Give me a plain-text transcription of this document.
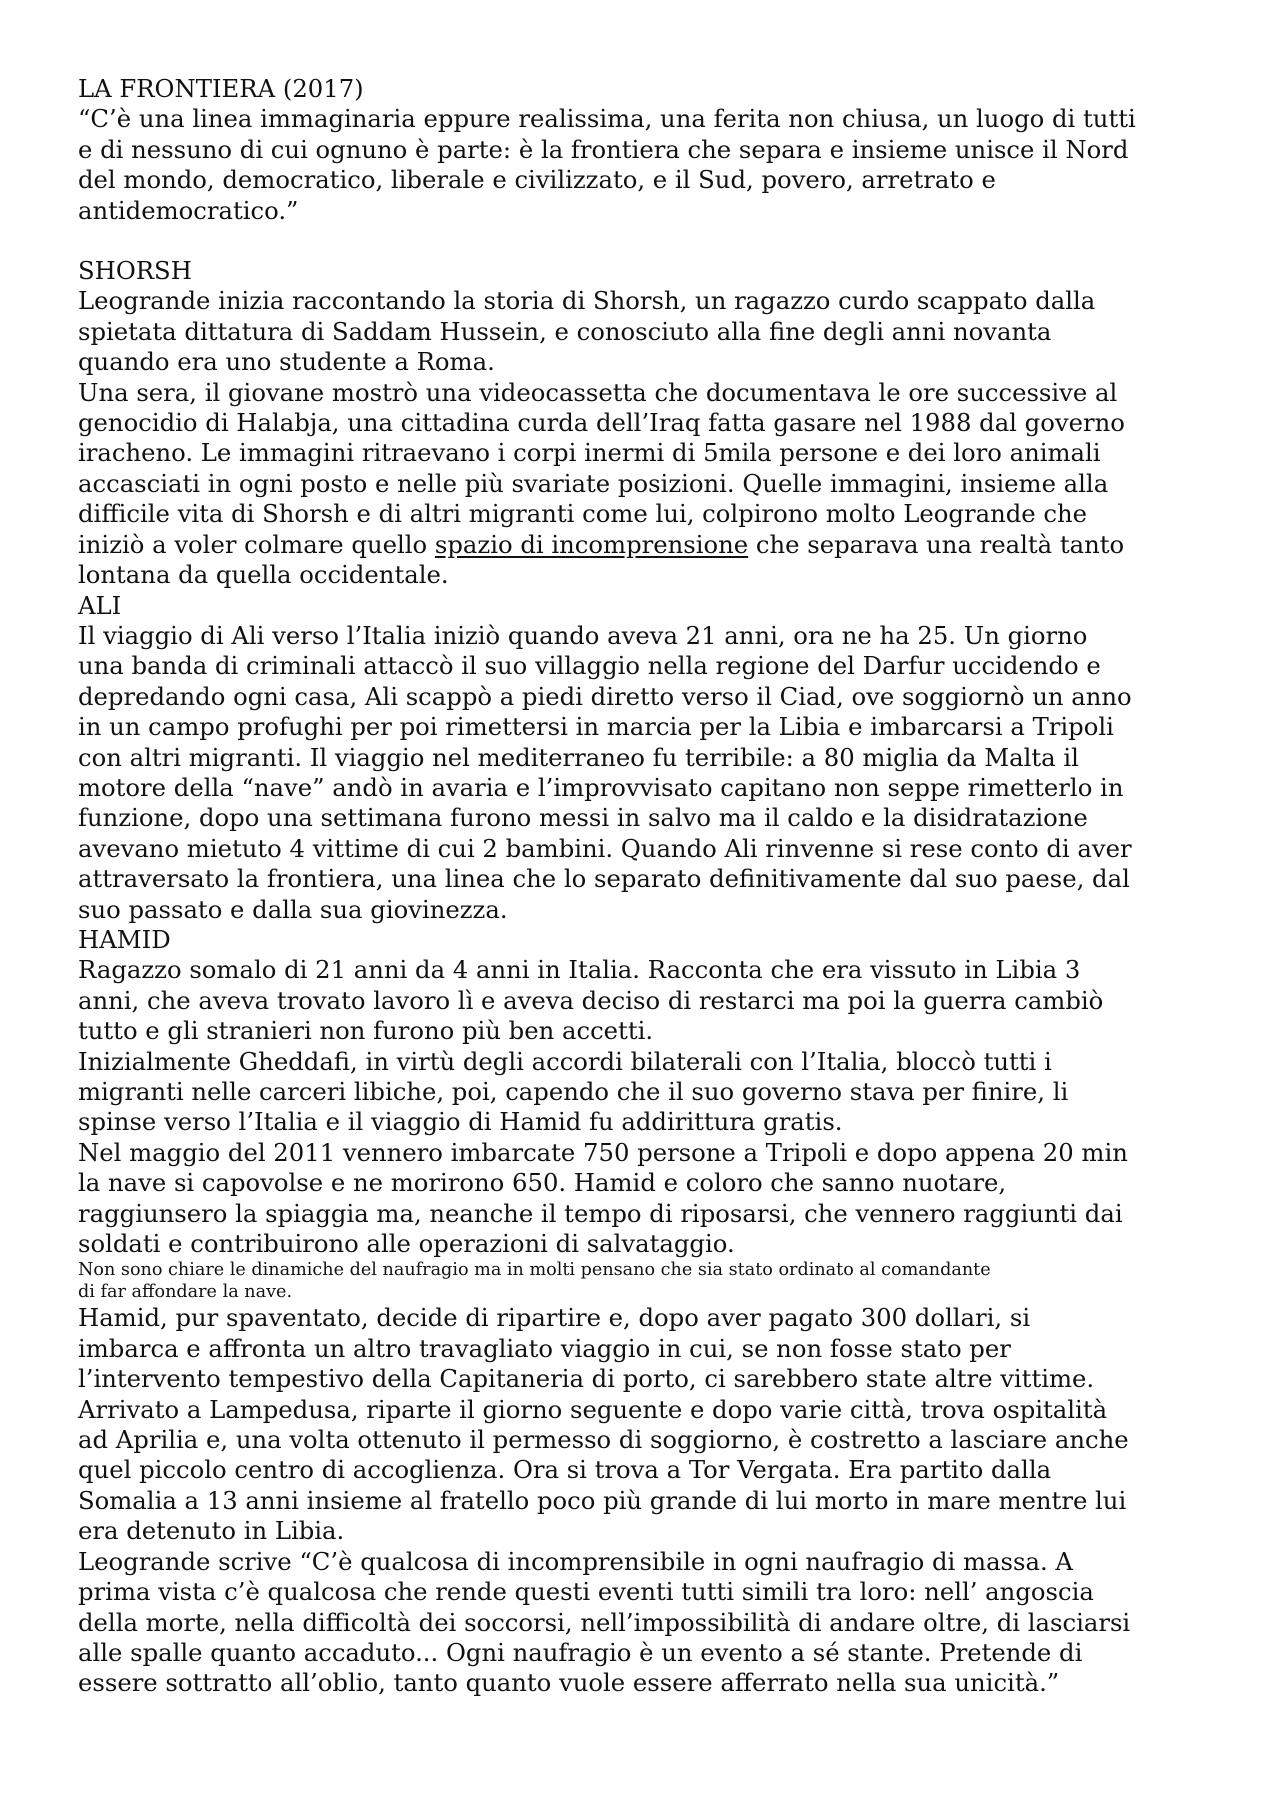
LA FRONTIERA (2017)

“C’è una linea immaginaria eppure realissima, una ferita non chiusa, un luogo di tutti

e di nessuno di cui ognuno è parte: è la frontiera che separa e insieme unisce il Nord

del mondo, democratico, liberale e civilizzato, e il Sud, povero, arretrato e

antidemocratico.”

SHORSH

Leogrande inizia raccontando la storia di Shorsh, un ragazzo curdo scappato dalla

spietata dittatura di Saddam Hussein, e conosciuto alla fine degli anni novanta

quando era uno studente a Roma.

Una sera, il giovane mostrò una videocassetta che documentava le ore successive al

genocidio di Halabja, una cittadina curda dell’Iraq fatta gasare nel 1988 dal governo

iracheno. Le immagini ritraevano i corpi inermi di 5mila persone e dei loro animali

accasciati in ogni posto e nelle più svariate posizioni. Quelle immagini, insieme alla

difficile vita di Shorsh e di altri migranti come lui, colpirono molto Leogrande che

iniziò a voler colmare quello spazio di incomprensione che separava una realtà tanto

lontana da quella occidentale.

ALI

Il viaggio di Ali verso l’Italia iniziò quando aveva 21 anni, ora ne ha 25. Un giorno

una banda di criminali attaccò il suo villaggio nella regione del Darfur uccidendo e

depredando ogni casa, Ali scappò a piedi diretto verso il Ciad, ove soggiornò un anno

in un campo profughi per poi rimettersi in marcia per la Libia e imbarcarsi a Tripoli

con altri migranti. Il viaggio nel mediterraneo fu terribile: a 80 miglia da Malta il

motore della “nave” andò in avaria e l’improvvisato capitano non seppe rimetterlo in

funzione, dopo una settimana furono messi in salvo ma il caldo e la disidratazione

avevano mietuto 4 vittime di cui 2 bambini. Quando Ali rinvenne si rese conto di aver

attraversato la frontiera, una linea che lo separato definitivamente dal suo paese, dal

suo passato e dalla sua giovinezza.

HAMID

Ragazzo somalo di 21 anni da 4 anni in Italia. Racconta che era vissuto in Libia 3

anni, che aveva trovato lavoro lì e aveva deciso di restarci ma poi la guerra cambiò

tutto e gli stranieri non furono più ben accetti.

Inizialmente Gheddafi, in virtù degli accordi bilaterali con l’Italia, bloccò tutti i

migranti nelle carceri libiche, poi, capendo che il suo governo stava per finire, li

spinse verso l’Italia e il viaggio di Hamid fu addirittura gratis.

Nel maggio del 2011 vennero imbarcate 750 persone a Tripoli e dopo appena 20 min

la nave si capovolse e ne morirono 650. Hamid e coloro che sanno nuotare,

raggiunsero la spiaggia ma, neanche il tempo di riposarsi, che vennero raggiunti dai

soldati e contribuirono alle operazioni di salvataggio.

Non sono chiare le dinamiche del naufragio ma in molti pensano che sia stato ordinato al comandante

di far affondare la nave.

Hamid, pur spaventato, decide di ripartire e, dopo aver pagato 300 dollari, si

imbarca e affronta un altro travagliato viaggio in cui, se non fosse stato per

l’intervento tempestivo della Capitaneria di porto, ci sarebbero state altre vittime.

Arrivato a Lampedusa, riparte il giorno seguente e dopo varie città, trova ospitalità

ad Aprilia e, una volta ottenuto il permesso di soggiorno, è costretto a lasciare anche

quel piccolo centro di accoglienza. Ora si trova a Tor Vergata. Era partito dalla

Somalia a 13 anni insieme al fratello poco più grande di lui morto in mare mentre lui

era detenuto in Libia.

Leogrande scrive “C’è qualcosa di incomprensibile in ogni naufragio di massa. A

prima vista c’è qualcosa che rende questi eventi tutti simili tra loro: nell’ angoscia

della morte, nella difficoltà dei soccorsi, nell’impossibilità di andare oltre, di lasciarsi

alle spalle quanto accaduto... Ogni naufragio è un evento a sé stante. Pretende di

essere sottratto all’oblio, tanto quanto vuole essere afferrato nella sua unicità.”
